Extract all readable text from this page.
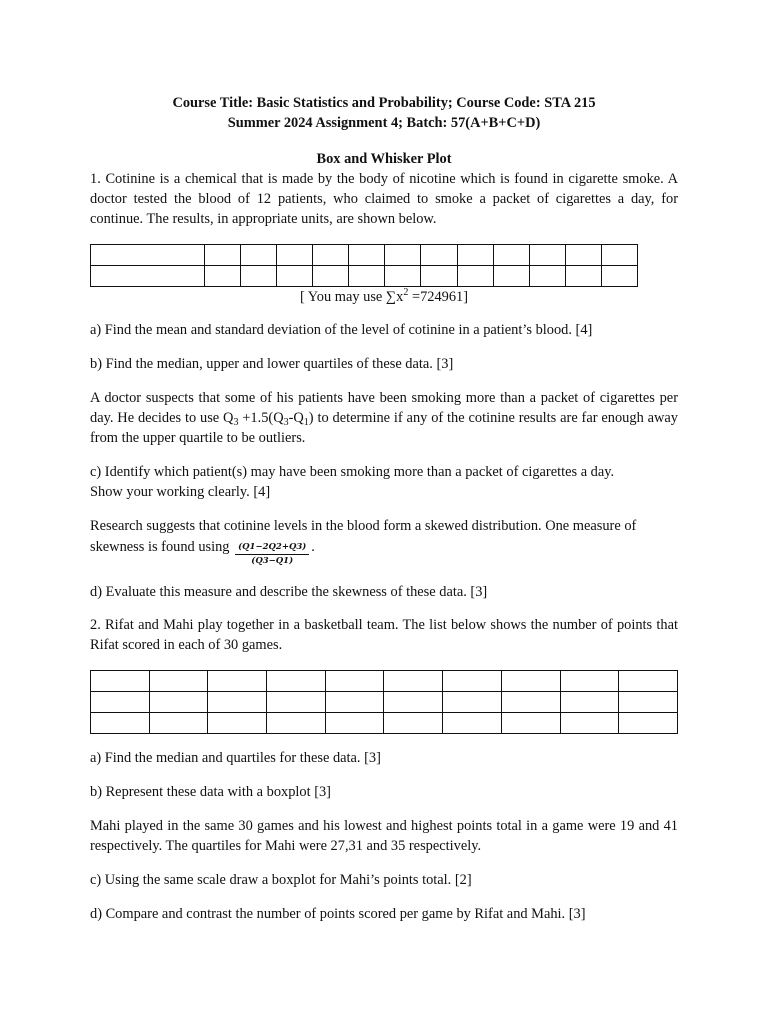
Course Title: Basic Statistics and Probability; Course Code: STA 215
Summer 2024 Assignment 4; Batch: 57(A+B+C+D)
Box and Whisker Plot
1. Cotinine is a chemical that is made by the body of nicotine which is found in cigarette smoke. A doctor tested the blood of 12 patients, who claimed to smoke a packet of cigarettes a day, for continue. The results, in appropriate units, are shown below.

[ You may use $\sum x^2 =724961$]
a) Find the mean and standard deviation of the level of cotinine in a patient’s blood. [4]
b) Find the median, upper and lower quartiles of these data. [3]
A doctor suspects that some of his patients have been smoking more than a packet of cigarettes per day. He decides to use $Q_3 +1.5(Q_3-Q_1)$ to determine if any of the cotinine results are far enough away from the upper quartile to be outliers.
c) Identify which patient(s) may have been smoking more than a packet of cigarettes a day.
Show your working clearly. [4]
Research suggests that cotinine levels in the blood form a skewed distribution. One measure of
skewness is found using $\frac{(Q1-2Q2+Q3)}{(Q3-Q1)}$ .
d) Evaluate this measure and describe the skewness of these data. [3]
2. Rifat and Mahi play together in a basketball team. The list below shows the number of points that Rifat scored in each of 30 games.

a) Find the median and quartiles for these data. [3]
b) Represent these data with a boxplot [3]
Mahi played in the same 30 games and his lowest and highest points total in a game were 19 and 41 respectively. The quartiles for Mahi were 27,31 and 35 respectively.
c) Using the same scale draw a boxplot for Mahi’s points total. [2]
d) Compare and contrast the number of points scored per game by Rifat and Mahi. [3]
